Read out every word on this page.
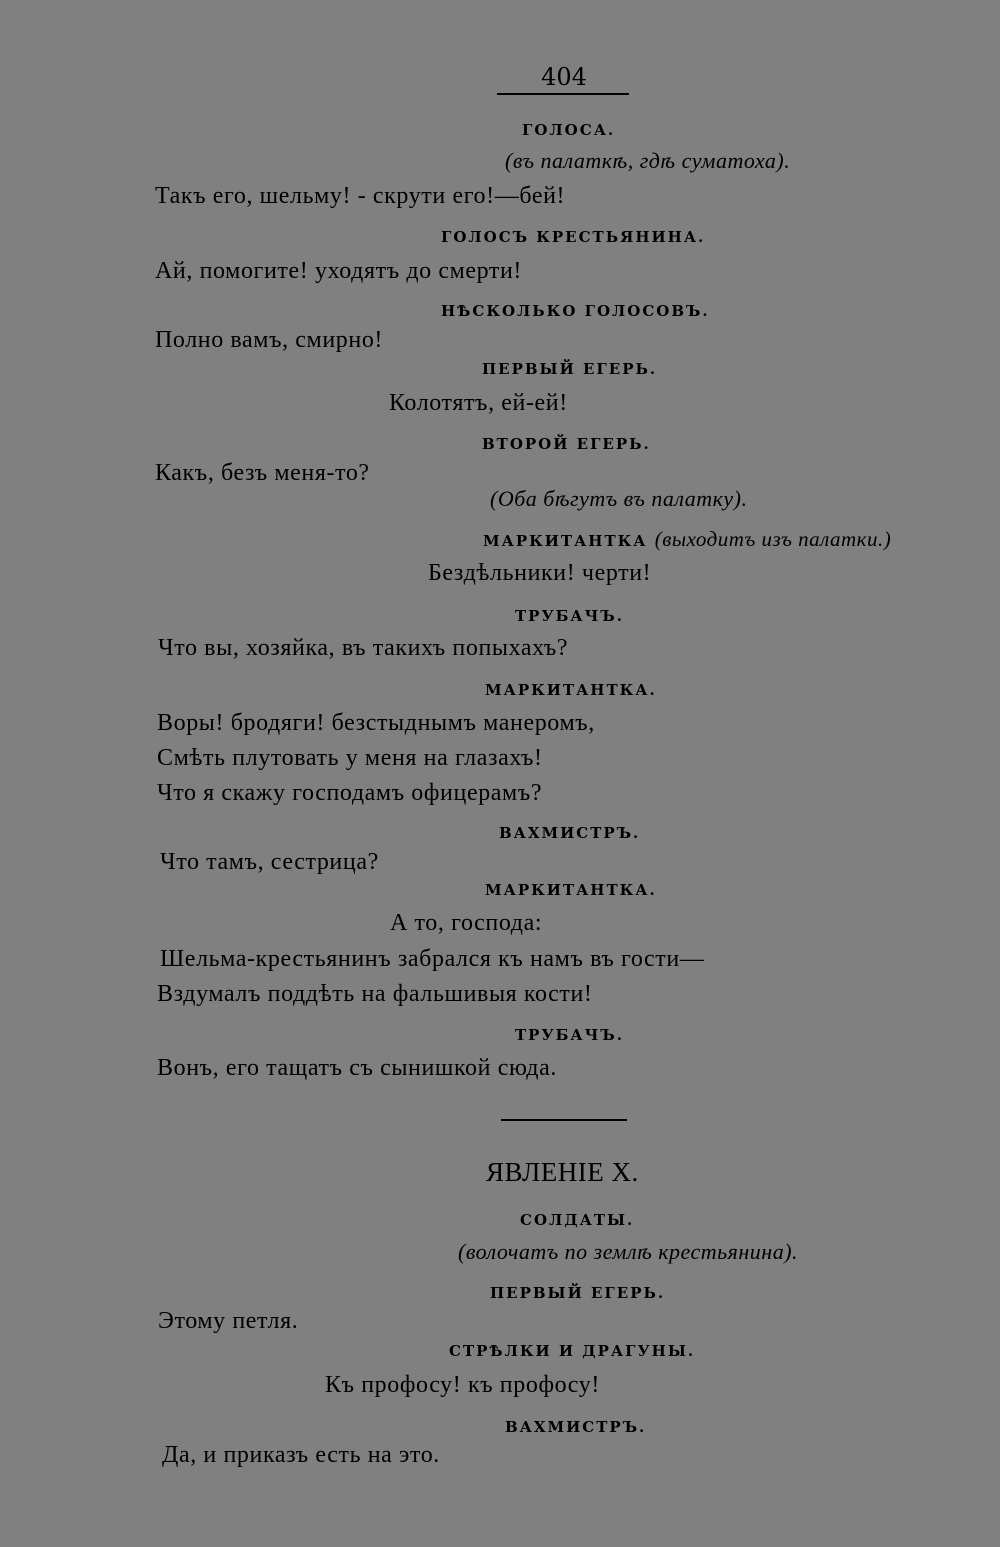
404
ГОЛОСА.
(въ палаткѣ, гдѣ суматоха).
Такъ его, шельму! - скрути его!—бей!
ГОЛОСЪ КРЕСТЬЯНИНА.
Ай, помогите! уходятъ до смерти!
НѢСКОЛЬКО ГОЛОСОВЪ.
Полно вамъ, смирно!
ПЕРВЫЙ ЕГЕРЬ.
Колотятъ, ей-ей!
ВТОРОЙ ЕГЕРЬ.
Какъ, безъ меня-то?
(Оба бѣгутъ въ палатку).
МАРКИТАНТКА (выходитъ изъ палатки.)
Бездѣльники! черти!
ТРУБАЧЪ.
Что вы, хозяйка, въ такихъ попыхахъ?
МАРКИТАНТКА.
Воры! бродяги! безстыднымъ манеромъ,
Смѣть плутовать у меня на глазахъ!
Что я скажу господамъ офицерамъ?
ВАХМИСТРЪ.
Что тамъ, сестрица?
МАРКИТАНТКА.
А то, господа:
Шельма-крестьянинъ забрался къ намъ въ гости—
Вздумалъ поддѣть на фальшивыя кости!
ТРУБАЧЪ.
Вонъ, его тащатъ съ сынишкой сюда.
ЯВЛЕНIЕ X.
СОЛДАТЫ.
(волочатъ по землѣ крестьянина).
ПЕРВЫЙ ЕГЕРЬ.
Этому петля.
СТРѢЛКИ И ДРАГУНЫ.
Къ профосу! къ профосу!
ВАХМИСТРЪ.
Да, и приказъ есть на это.
